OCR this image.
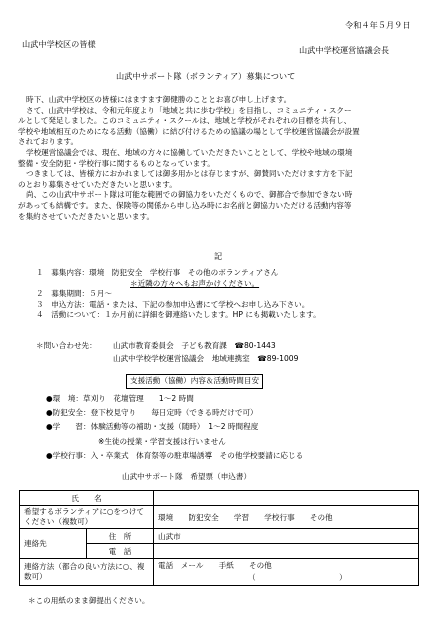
令和４年５月９日
山武中学校区の皆様
山武中学校運営協議会長
山武中サポート隊（ボランティア）募集について
時下、山武中学校区の皆様にはますます御健勝のこととお喜び申し上げます。
さて、山武中学校は、令和元年度より「地域と共に歩む学校」を目指し、コミュニティ・スクー
ルとして発足しました。このコミュニティ・スクールは、地域と学校がそれぞれの目標を共有し、
学校や地域相互のためになる活動（協働）に結び付けるための協議の場として学校運営協議会が設置
されております。
学校運営協議会では、現在、地域の方々に協働していただきたいこととして、学校や地域の環境
整備・安全防犯・学校行事に関するものとなっています。
つきましては、皆様方におかれましては御多用かとは存じますが、御賛同いただけます方を下記
のとおり募集させていただきたいと思います。
尚、この山武中サポート隊は可能な範囲での御協力をいただくもので、御都合で参加できない時
があっても結構です。また、保険等の関係から申し込み時にお名前と御協力いただける活動内容等
を集約させていただきたいと思います。
記
１　 募集内容：環境　防犯安全　学校行事　その他のボランティアさん
＊近隣の方々へもお声かけください。
２　 募集期間：５月～
３　 申込方法：電話・または、下記の参加申込書にて学校へお申し込み下さい。
４　 活動について：１か月前に詳細を御連絡いたします。HP にも掲載いたします。
＊問い合わせ先： 山武市教育委員会　子ども教育課　☎80-1443
山武中学校学校運営協議会　地域連携室　☎89-1009
支援活動（協働）内容＆活動時間目安
●環　境：草刈り　花壇管理　　1～2 時間
●防犯安全：登下校見守り　　毎日定時（できる時だけで可）
●学　　習：体験活動等の補助・支援（随時）　1～2 時間程度
※生徒の授業・学習支援は行いません
●学校行事：入・卒業式　体育祭等の駐車場誘導　その他学校要請に応じる
山武中サポート隊　希望票（申込書）
氏　　名		
希望するボランティアに○をつけてください（複数可）		環境　　防犯安全　　学習　　学校行事　　その他
連絡先	住　所	山武市
	電　話	
連絡方法（都合の良い方法に○、複数可）		電話　メール　　手紙　　その他
（　　　　　　　　　　　）
＊この用紙のまま御提出ください。
